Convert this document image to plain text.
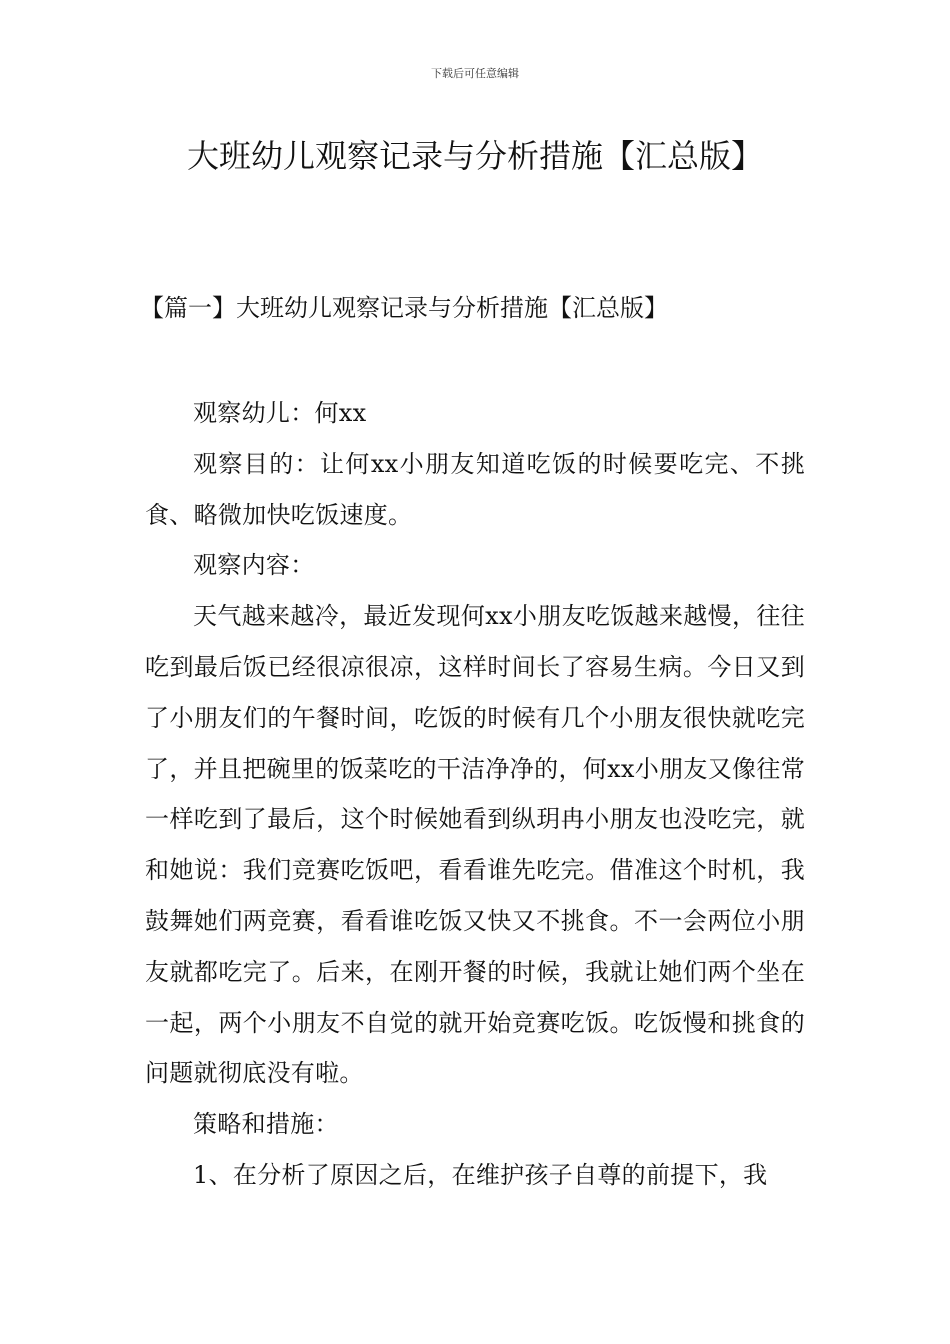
下载后可任意编辑

大班幼儿观察记录与分析措施【汇总版】
【篇一】大班幼儿观察记录与分析措施【汇总版】

观察幼儿：何xx

观察目的：让何xx小朋友知道吃饭的时候要吃完、不挑食、略微加快吃饭速度。

观察内容：

天气越来越冷，最近发现何xx小朋友吃饭越来越慢，往往吃到最后饭已经很凉很凉，这样时间长了容易生病。今日又到了小朋友们的午餐时间，吃饭的时候有几个小朋友很快就吃完了，并且把碗里的饭菜吃的干洁净净的，何xx小朋友又像往常一样吃到了最后，这个时候她看到纵玥冉小朋友也没吃完，就和她说：我们竞赛吃饭吧，看看谁先吃完。借准这个时机，我鼓舞她们两竞赛，看看谁吃饭又快又不挑食。不一会两位小朋友就都吃完了。后来，在刚开餐的时候，我就让她们两个坐在一起，两个小朋友不自觉的就开始竞赛吃饭。吃饭慢和挑食的问题就彻底没有啦。

策略和措施：

1、在分析了原因之后，在维护孩子自尊的前提下，我
